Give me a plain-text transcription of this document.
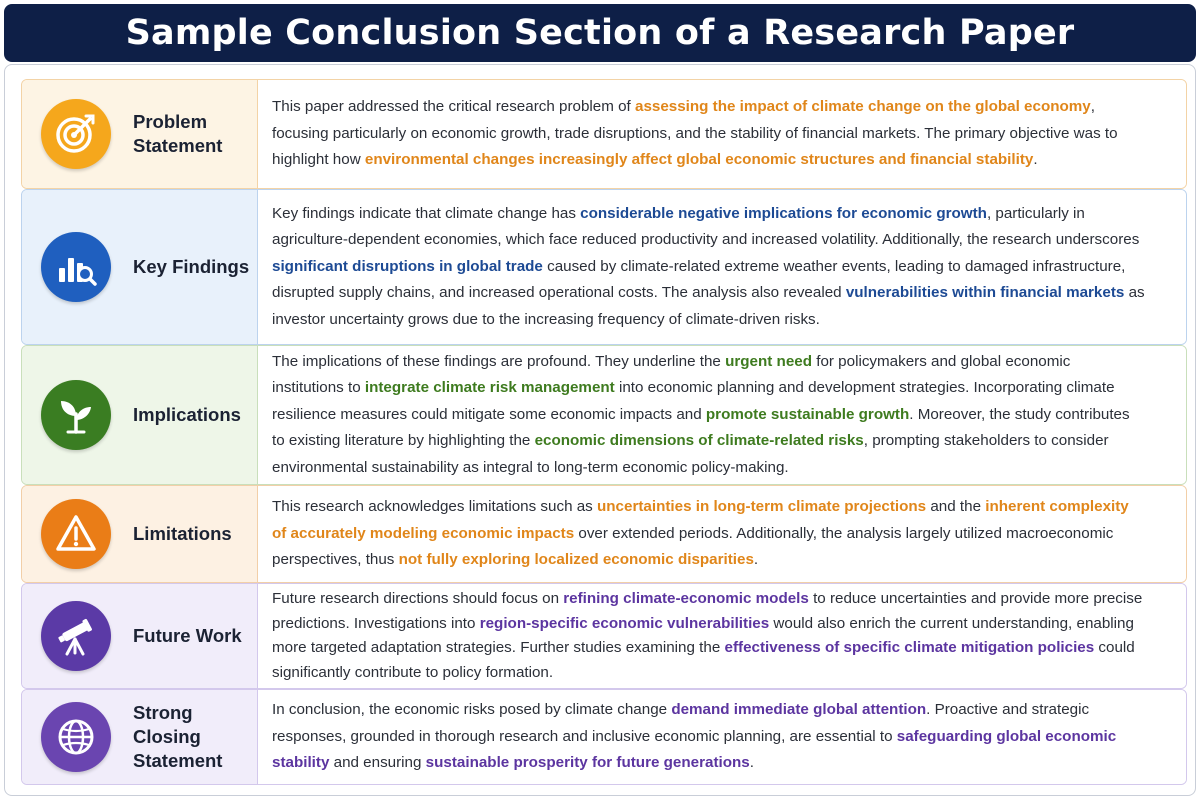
Sample Conclusion Section of a Research Paper
Problem Statement

This paper addressed the critical research problem of assessing the impact of climate change on the global economy, focusing particularly on economic growth, trade disruptions, and the stability of financial markets. The primary objective was to highlight how environmental changes increasingly affect global economic structures and financial stability.

Key Findings

Key findings indicate that climate change has considerable negative implications for economic growth, particularly in agriculture-dependent economies, which face reduced productivity and increased volatility. Additionally, the research underscores significant disruptions in global trade caused by climate-related extreme weather events, leading to damaged infrastructure, disrupted supply chains, and increased operational costs. The analysis also revealed vulnerabilities within financial markets as investor uncertainty grows due to the increasing frequency of climate-driven risks.

Implications

The implications of these findings are profound. They underline the urgent need for policymakers and global economic institutions to integrate climate risk management into economic planning and development strategies. Incorporating climate resilience measures could mitigate some economic impacts and promote sustainable growth. Moreover, the study contributes to existing literature by highlighting the economic dimensions of climate-related risks, prompting stakeholders to consider environmental sustainability as integral to long-term economic policy-making.

Limitations

This research acknowledges limitations such as uncertainties in long-term climate projections and the inherent complexity of accurately modeling economic impacts over extended periods. Additionally, the analysis largely utilized macroeconomic perspectives, thus not fully exploring localized economic disparities.

Future Work

Future research directions should focus on refining climate-economic models to reduce uncertainties and provide more precise predictions. Investigations into region-specific economic vulnerabilities would also enrich the current understanding, enabling more targeted adaptation strategies. Further studies examining the effectiveness of specific climate mitigation policies could significantly contribute to policy formation.

Strong Closing Statement

In conclusion, the economic risks posed by climate change demand immediate global attention. Proactive and strategic responses, grounded in thorough research and inclusive economic planning, are essential to safeguarding global economic stability and ensuring sustainable prosperity for future generations.
